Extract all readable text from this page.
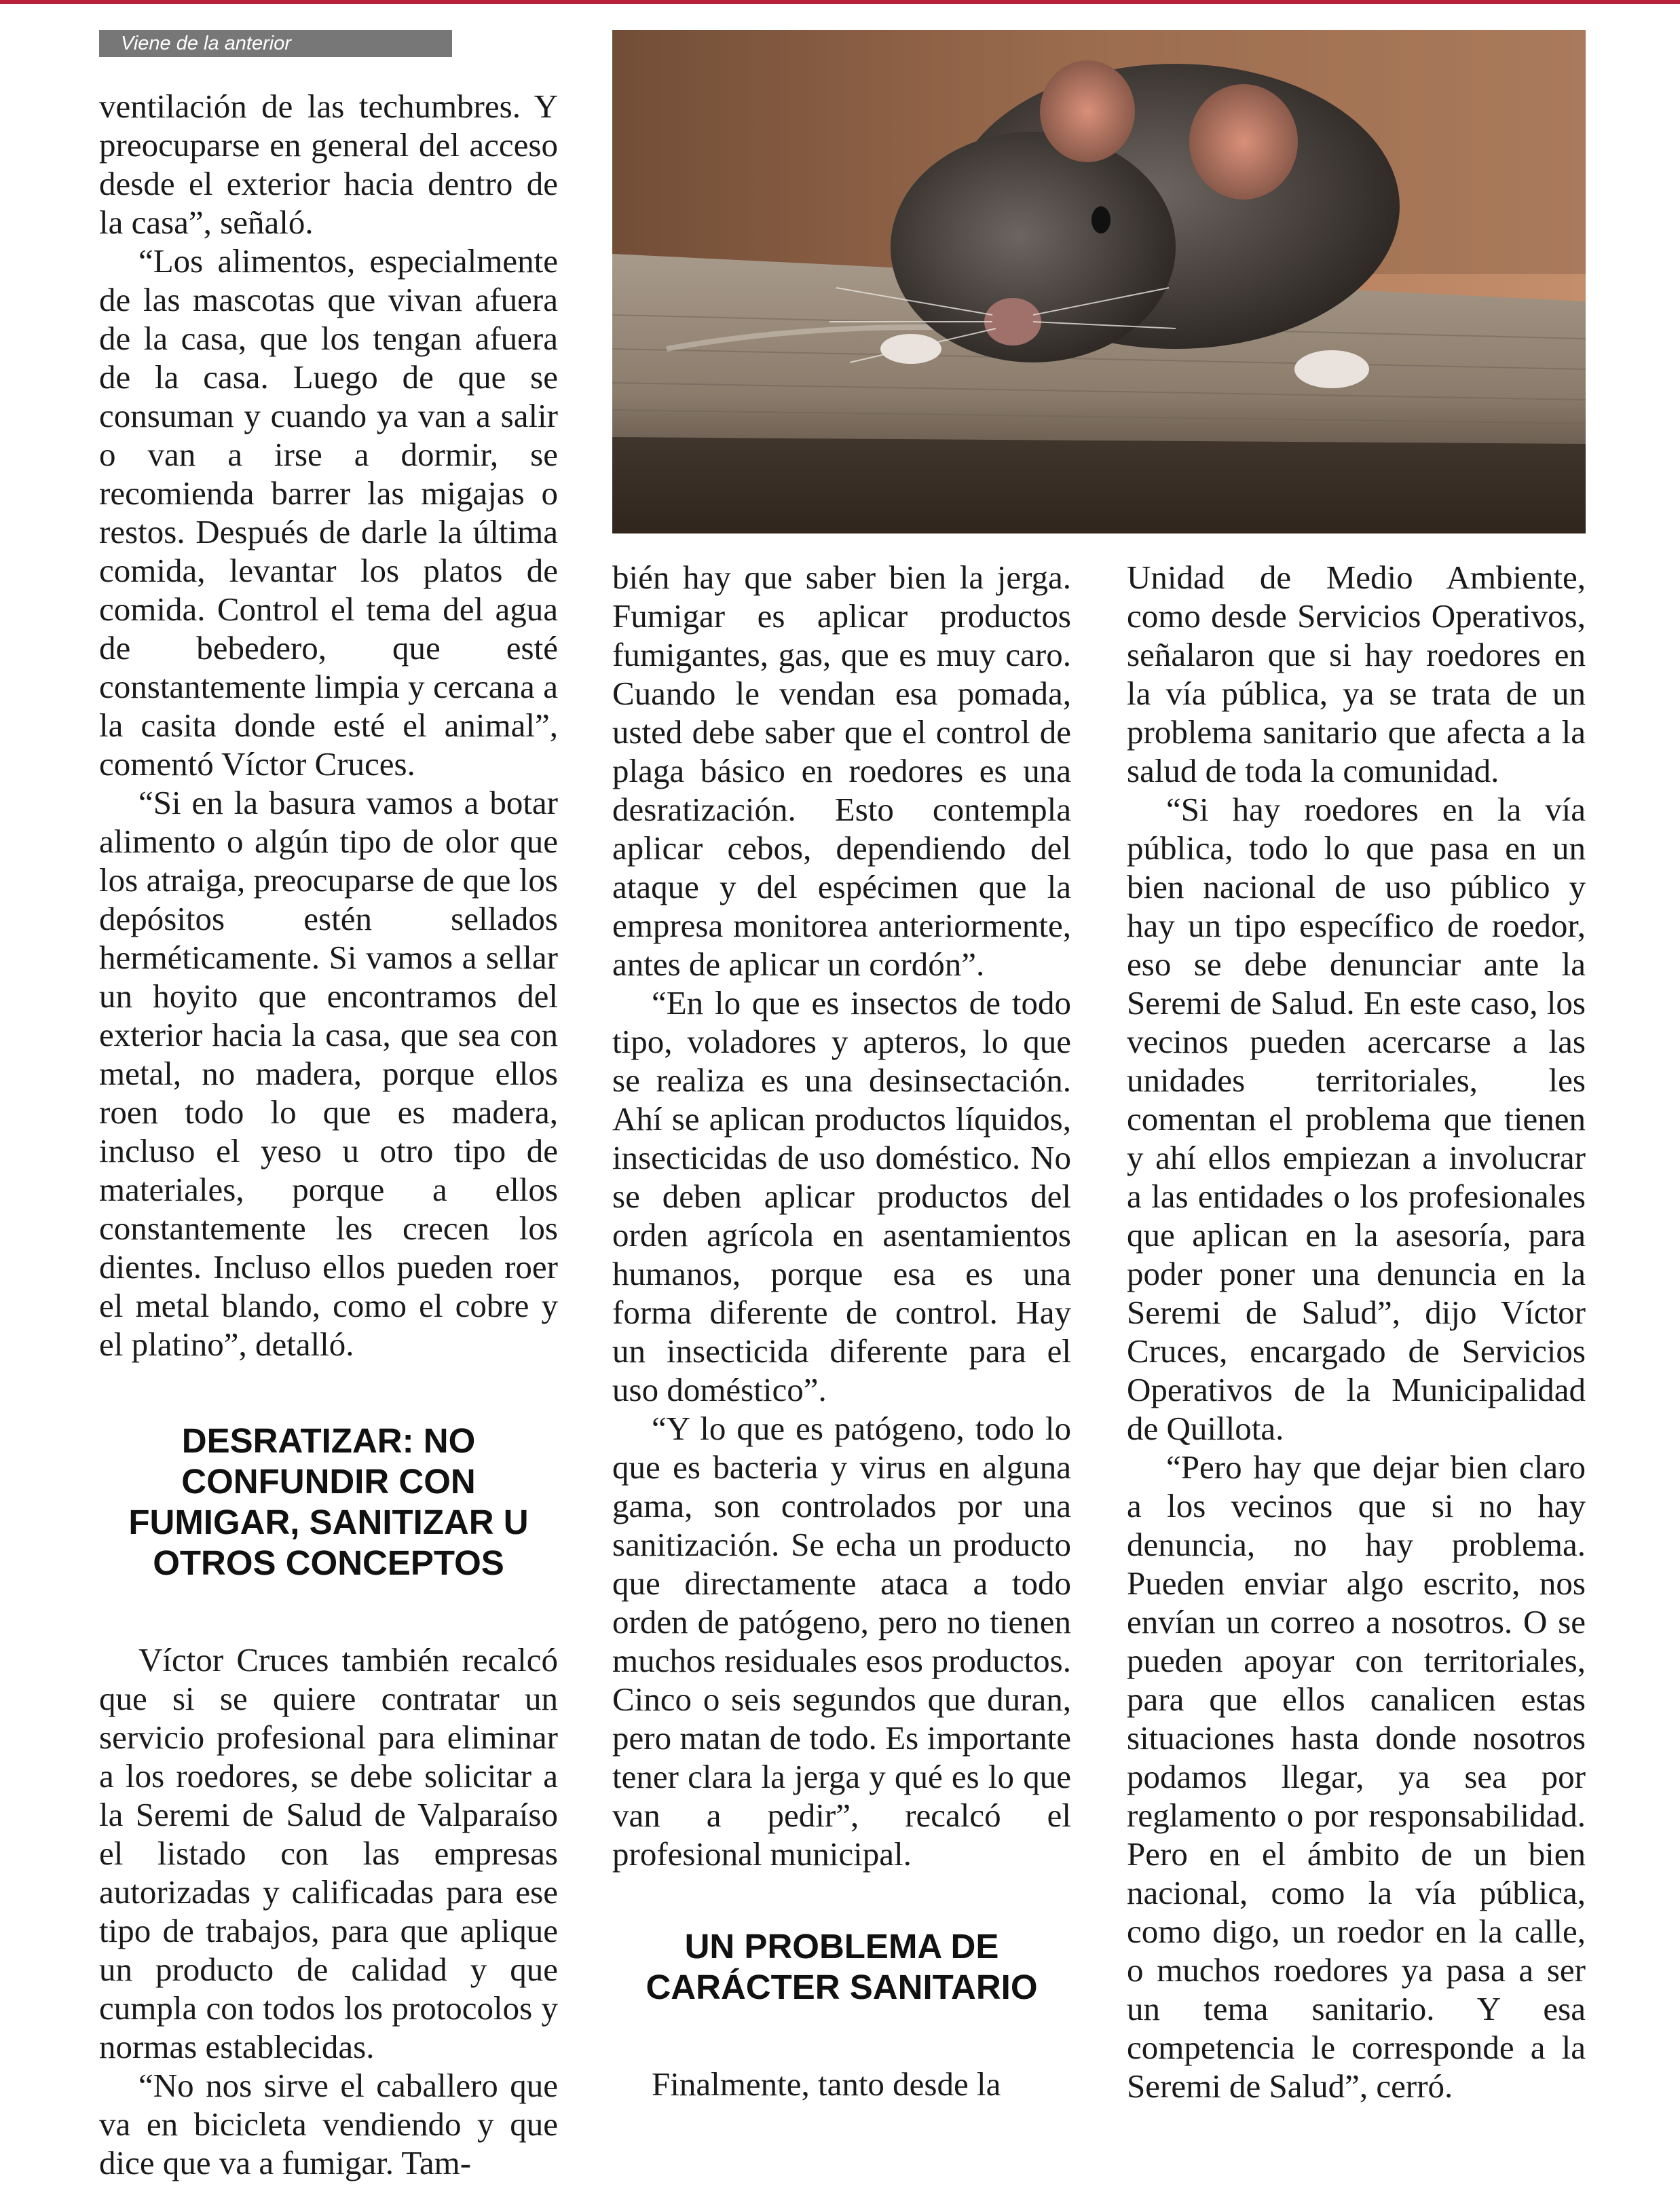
Viene de la anterior

ventilación de las techumbres. Y preocuparse en general del acceso desde el exterior hacia dentro de la casa”, señaló.

“Los alimentos, especialmente de las mascotas que vivan afuera de la casa, que los tengan afuera de la casa. Luego de que se consuman y cuando ya van a salir o van a irse a dormir, se recomienda barrer las migajas o restos. Después de darle la última comida, levantar los platos de comida. Control el tema del agua de bebedero, que esté constantemente limpia y cercana a la casita donde esté el animal”, comentó Víctor Cruces.

“Si en la basura vamos a botar alimento o algún tipo de olor que los atraiga, preocuparse de que los depósitos estén sellados herméticamente. Si vamos a sellar un hoyito que encontramos del exterior hacia la casa, que sea con metal, no madera, porque ellos roen todo lo que es madera, incluso el yeso u otro tipo de materiales, porque a ellos constantemente les crecen los dientes. Incluso ellos pueden roer el metal blando, como el cobre y el platino”, detalló.

DESRATIZAR: NO CONFUNDIR CON FUMIGAR, SANITIZAR U OTROS CONCEPTOS

Víctor Cruces también recalcó que si se quiere contratar un servicio profesional para eliminar a los roedores, se debe solicitar a la Seremi de Salud de Valparaíso el listado con las empresas autorizadas y calificadas para ese tipo de trabajos, para que aplique un producto de calidad y que cumpla con todos los protocolos y normas establecidas.

“No nos sirve el caballero que va en bicicleta vendiendo y que dice que va a fumigar. Tam-

bién hay que saber bien la jerga. Fumigar es aplicar productos fumigantes, gas, que es muy caro. Cuando le vendan esa pomada, usted debe saber que el control de plaga básico en roedores es una desratización. Esto contempla aplicar cebos, dependiendo del ataque y del espécimen que la empresa monitorea anteriormente, antes de aplicar un cordón”.

“En lo que es insectos de todo tipo, voladores y apteros, lo que se realiza es una desinsectación. Ahí se aplican productos líquidos, insecticidas de uso doméstico. No se deben aplicar productos del orden agrícola en asentamientos humanos, porque esa es una forma diferente de control. Hay un insecticida diferente para el uso doméstico”.

“Y lo que es patógeno, todo lo que es bacteria y virus en alguna gama, son controlados por una sanitización. Se echa un producto que directamente ataca a todo orden de patógeno, pero no tienen muchos residuales esos productos. Cinco o seis segundos que duran, pero matan de todo. Es importante tener clara la jerga y qué es lo que van a pedir”, recalcó el profesional municipal.

UN PROBLEMA DE CARÁCTER SANITARIO

Finalmente, tanto desde la

Unidad de Medio Ambiente, como desde Servicios Operativos, señalaron que si hay roedores en la vía pública, ya se trata de un problema sanitario que afecta a la salud de toda la comunidad.

“Si hay roedores en la vía pública, todo lo que pasa en un bien nacional de uso público y hay un tipo específico de roedor, eso se debe denunciar ante la Seremi de Salud. En este caso, los vecinos pueden acercarse a las unidades territoriales, les comentan el problema que tienen y ahí ellos empiezan a involucrar a las entidades o los profesionales que aplican en la asesoría, para poder poner una denuncia en la Seremi de Salud”, dijo Víctor Cruces, encargado de Servicios Operativos de la Municipalidad de Quillota.

“Pero hay que dejar bien claro a los vecinos que si no hay denuncia, no hay problema. Pueden enviar algo escrito, nos envían un correo a nosotros. O se pueden apoyar con territoriales, para que ellos canalicen estas situaciones hasta donde nosotros podamos llegar, ya sea por reglamento o por responsabilidad. Pero en el ámbito de un bien nacional, como la vía pública, como digo, un roedor en la calle, o muchos roedores ya pasa a ser un tema sanitario. Y esa competencia le corresponde a la Seremi de Salud”, cerró.
